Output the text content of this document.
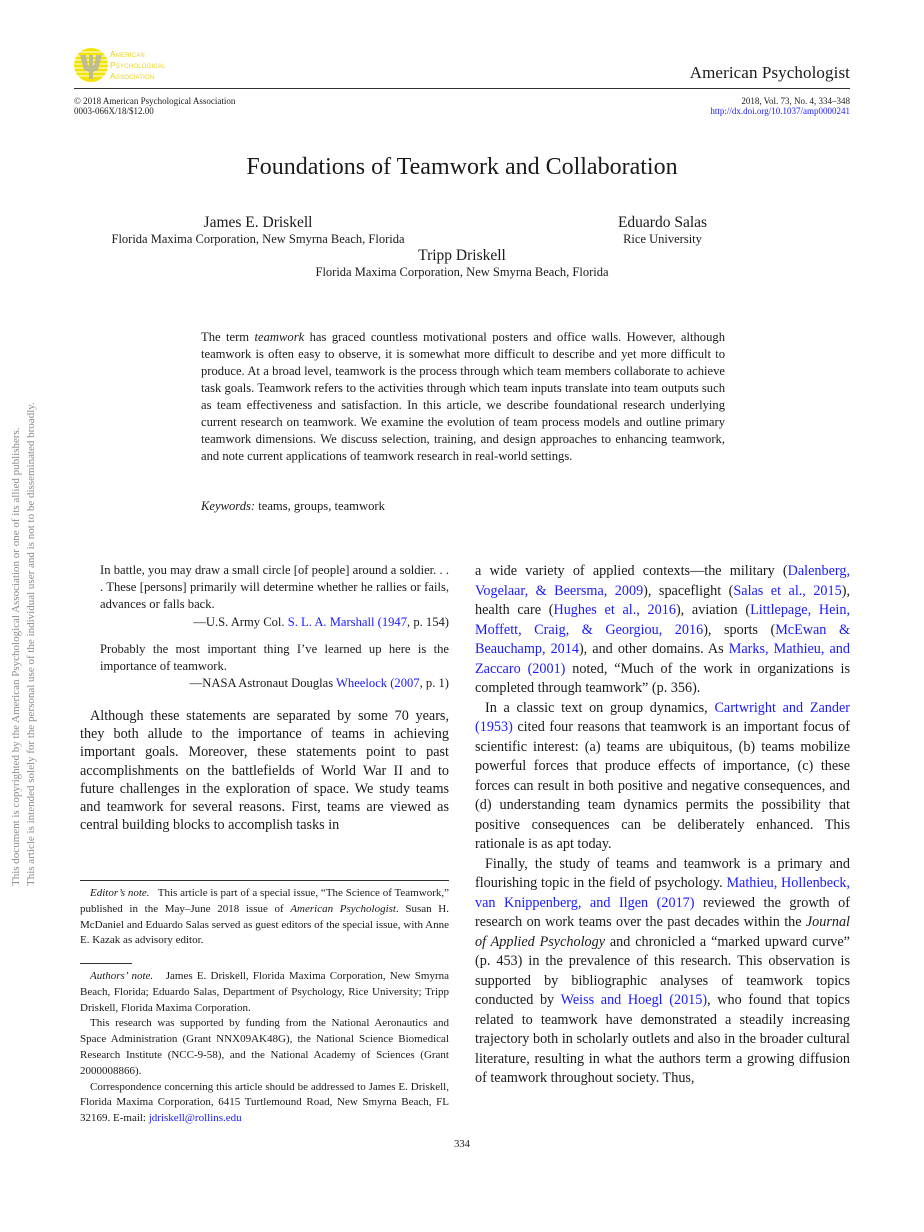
American
Psychological
Association	American Psychologist
© 2018 American Psychological Association
0003-066X/18/$12.00
2018, Vol. 73, No. 4, 334–348
http://dx.doi.org/10.1037/amp0000241
Foundations of Teamwork and Collaboration
James E. Driskell
Florida Maxima Corporation, New Smyrna Beach, Florida
Eduardo Salas
Rice University
Tripp Driskell
Florida Maxima Corporation, New Smyrna Beach, Florida
The term teamwork has graced countless motivational posters and office walls. However, although teamwork is often easy to observe, it is somewhat more difficult to describe and yet more difficult to produce. At a broad level, teamwork is the process through which team members collaborate to achieve task goals. Teamwork refers to the activities through which team inputs translate into team outputs such as team effectiveness and satisfaction. In this article, we describe foundational research underlying current research on teamwork. We examine the evolution of team process models and outline primary teamwork dimensions. We discuss selection, training, and design approaches to enhancing teamwork, and note current applications of teamwork research in real-world settings.
Keywords: teams, groups, teamwork
In battle, you may draw a small circle [of people] around a soldier. . . . These [persons] primarily will determine whether he rallies or fails, advances or falls back.
—U.S. Army Col. S. L. A. Marshall (1947, p. 154)
Probably the most important thing I’ve learned up here is the importance of teamwork.
—NASA Astronaut Douglas Wheelock (2007, p. 1)
Although these statements are separated by some 70 years, they both allude to the importance of teams in achieving important goals. Moreover, these statements point to past accomplishments on the battlefields of World War II and to future challenges in the exploration of space. We study teams and teamwork for several reasons. First, teams are viewed as central building blocks to accomplish tasks in

Editor’s note.   This article is part of a special issue, “The Science of Teamwork,” published in the May–June 2018 issue of American Psychologist. Susan H. McDaniel and Eduardo Salas served as guest editors of the special issue, with Anne E. Kazak as advisory editor.

Authors’ note.   James E. Driskell, Florida Maxima Corporation, New Smyrna Beach, Florida; Eduardo Salas, Department of Psychology, Rice University; Tripp Driskell, Florida Maxima Corporation.

This research was supported by funding from the National Aeronautics and Space Administration (Grant NNX09AK48G), the National Science Biomedical Research Institute (NCC-9-58), and the National Academy of Sciences (Grant 2000008866).

Correspondence concerning this article should be addressed to James E. Driskell, Florida Maxima Corporation, 6415 Turtlemound Road, New Smyrna Beach, FL 32169. E-mail: jdriskell@rollins.edu

a wide variety of applied contexts—the military (Dalenberg, Vogelaar, & Beersma, 2009), spaceflight (Salas et al., 2015), health care (Hughes et al., 2016), aviation (Littlepage, Hein, Moffett, Craig, & Georgiou, 2016), sports (McEwan & Beauchamp, 2014), and other domains. As Marks, Mathieu, and Zaccaro (2001) noted, “Much of the work in organizations is completed through teamwork” (p. 356).

In a classic text on group dynamics, Cartwright and Zander (1953) cited four reasons that teamwork is an important focus of scientific interest: (a) teams are ubiquitous, (b) teams mobilize powerful forces that produce effects of importance, (c) these forces can result in both positive and negative consequences, and (d) understanding team dynamics permits the possibility that positive consequences can be deliberately enhanced. This rationale is as apt today.

Finally, the study of teams and teamwork is a primary and flourishing topic in the field of psychology. Mathieu, Hollenbeck, van Knippenberg, and Ilgen (2017) reviewed the growth of research on work teams over the past decades within the Journal of Applied Psychology and chronicled a “marked upward curve” (p. 453) in the prevalence of this research. This observation is supported by bibliographic analyses of teamwork topics conducted by Weiss and Hoegl (2015), who found that topics related to teamwork have demonstrated a steadily increasing trajectory both in scholarly outlets and also in the broader cultural literature, resulting in what the authors term a growing diffusion of teamwork throughout society. Thus,

334
This document is copyrighted by the American Psychological Association or one of its allied publishers. This article is intended solely for the personal use of the individual user and is not to be disseminated broadly.
